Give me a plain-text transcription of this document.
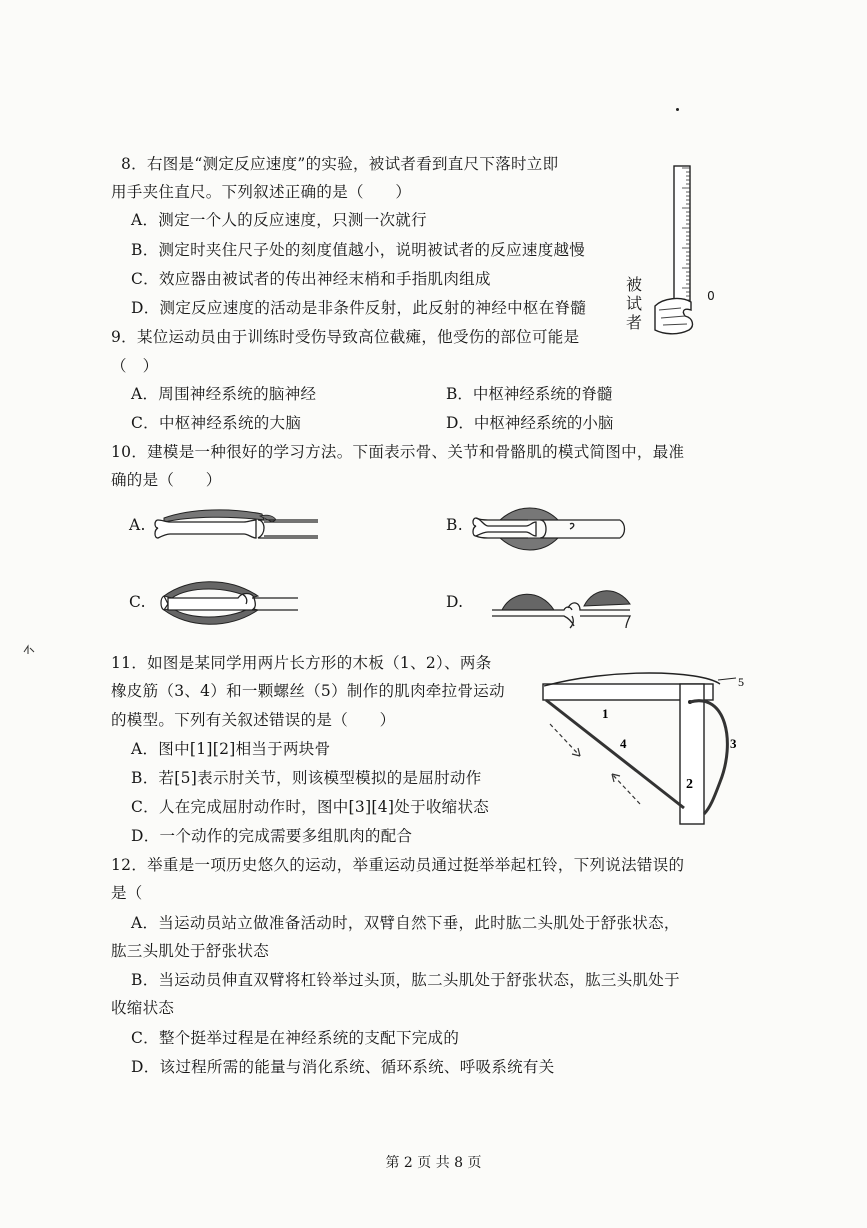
8．右图是“测定反应速度”的实验，被试者看到直尺下落时立即
用手夹住直尺。下列叙述正确的是（　　）
A．测定一个人的反应速度，只测一次就行
B．测定时夹住尺子处的刻度值越小，说明被试者的反应速度越慢
C．效应器由被试者的传出神经末梢和手指肌肉组成
D．测定反应速度的活动是非条件反射，此反射的神经中枢在脊髓
被
试
者
0
9．某位运动员由于训练时受伤导致高位截瘫，他受伤的部位可能是
（　）
A．周围神经系统的脑神经	B．中枢神经系统的脊髓
C．中枢神经系统的大脑	D．中枢神经系统的小脑
10．建模是一种很好的学习方法。下面表示骨、关节和骨骼肌的模式简图中，最准
确的是（　　）
A.	B.
C.	D.
11．如图是某同学用两片长方形的木板（1、2）、两条
橡皮筋（3、4）和一颗螺丝（5）制作的肌肉牵拉骨运动
的模型。下列有关叙述错误的是（　　）
A．图中[1][2]相当于两块骨
B．若[5]表示肘关节，则该模型模拟的是屈肘动作
C．人在完成屈肘动作时，图中[3][4]处于收缩状态
D．一个动作的完成需要多组肌肉的配合
1
2
3
4
5
12．举重是一项历史悠久的运动，举重运动员通过挺举举起杠铃，下列说法错误的
是（
A．当运动员站立做准备活动时，双臂自然下垂，此时肱二头肌处于舒张状态，
肱三头肌处于舒张状态
B．当运动员伸直双臂将杠铃举过头顶，肱二头肌处于舒张状态，肱三头肌处于
收缩状态
C．整个挺举过程是在神经系统的支配下完成的
D．该过程所需的能量与消化系统、循环系统、呼吸系统有关
第 2 页 共 8 页
